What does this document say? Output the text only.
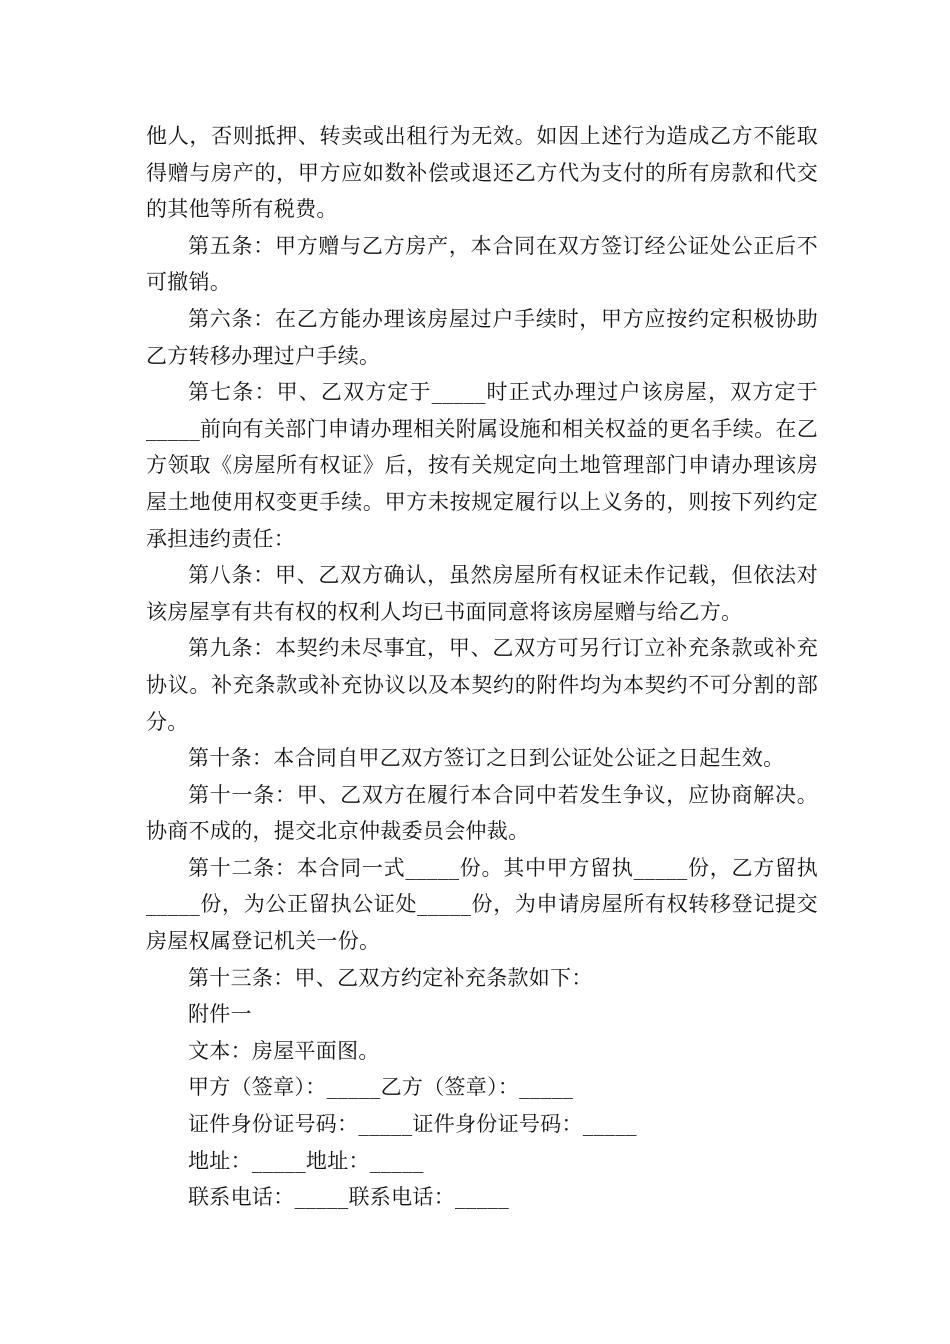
他人，否则抵押、转卖或出租行为无效。如因上述行为造成乙方不能取得赠与房产的，甲方应如数补偿或退还乙方代为支付的所有房款和代交的其他等所有税费。

第五条：甲方赠与乙方房产，本合同在双方签订经公证处公正后不可撤销。

第六条：在乙方能办理该房屋过户手续时，甲方应按约定积极协助乙方转移办理过户手续。

第七条：甲、乙双方定于_____时正式办理过户该房屋，双方定于_____前向有关部门申请办理相关附属设施和相关权益的更名手续。在乙方领取《房屋所有权证》后，按有关规定向土地管理部门申请办理该房屋土地使用权变更手续。甲方未按规定履行以上义务的，则按下列约定承担违约责任：

第八条：甲、乙双方确认，虽然房屋所有权证未作记载，但依法对该房屋享有共有权的权利人均已书面同意将该房屋赠与给乙方。

第九条：本契约未尽事宜，甲、乙双方可另行订立补充条款或补充协议。补充条款或补充协议以及本契约的附件均为本契约不可分割的部分。

第十条：本合同自甲乙双方签订之日到公证处公证之日起生效。

第十一条：甲、乙双方在履行本合同中若发生争议，应协商解决。协商不成的，提交北京仲裁委员会仲裁。

第十二条：本合同一式_____份。其中甲方留执_____份，乙方留执_____份，为公正留执公证处_____份，为申请房屋所有权转移登记提交房屋权属登记机关一份。

第十三条：甲、乙双方约定补充条款如下：

附件一

文本：房屋平面图。

甲方（签章）：_____乙方（签章）：_____

证件身份证号码：_____证件身份证号码：_____

地址：_____地址：_____

联系电话：_____联系电话：_____
